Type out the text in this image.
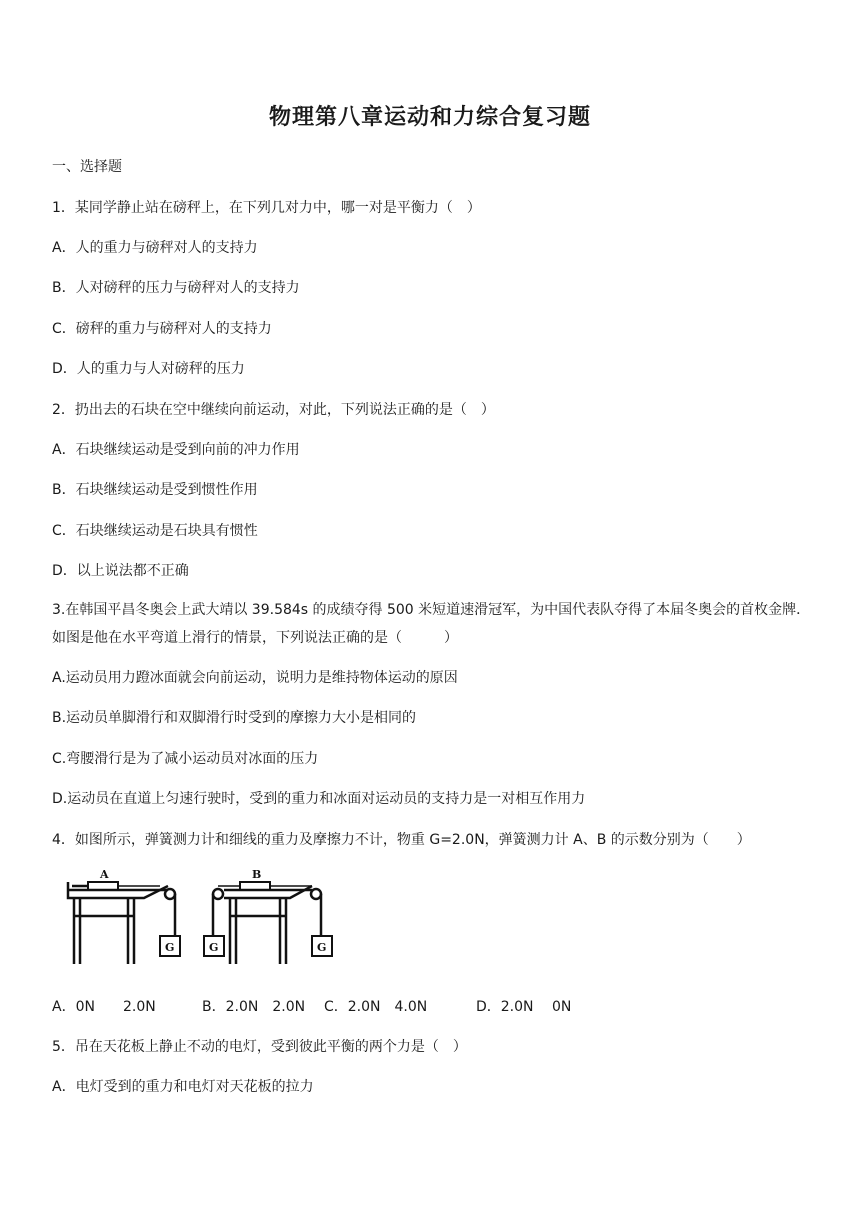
物理第八章运动和力综合复习题
一、选择题
1．某同学静止站在磅秤上，在下列几对力中，哪一对是平衡力（　）
A．人的重力与磅秤对人的支持力
B．人对磅秤的压力与磅秤对人的支持力
C．磅秤的重力与磅秤对人的支持力
D．人的重力与人对磅秤的压力
2．扔出去的石块在空中继续向前运动，对此，下列说法正确的是（　）
A．石块继续运动是受到向前的冲力作用
B．石块继续运动是受到惯性作用
C．石块继续运动是石块具有惯性
D．以上说法都不正确
3.在韩国平昌冬奥会上武大靖以 39.584s 的成绩夺得 500 米短道速滑冠军，为中国代表队夺得了本届冬奥会的首枚金牌．如图是他在水平弯道上滑行的情景，下列说法正确的是（　　　）
A.运动员用力蹬冰面就会向前运动，说明力是维持物体运动的原因
B.运动员单脚滑行和双脚滑行时受到的摩擦力大小是相同的
C.弯腰滑行是为了减小运动员对冰面的压力
D.运动员在直道上匀速行驶时，受到的重力和冰面对运动员的支持力是一对相互作用力
4．如图所示，弹簧测力计和细线的重力及摩擦力不计，物重 G=2.0N，弹簧测力计 A、B 的示数分别为（　　）
A	B
G	G	G
A．0N　　2.0N	B．2.0N　2.0N C．2.0N　4.0N	D．2.0N　 0N
5．吊在天花板上静止不动的电灯，受到彼此平衡的两个力是（　）
A．电灯受到的重力和电灯对天花板的拉力
